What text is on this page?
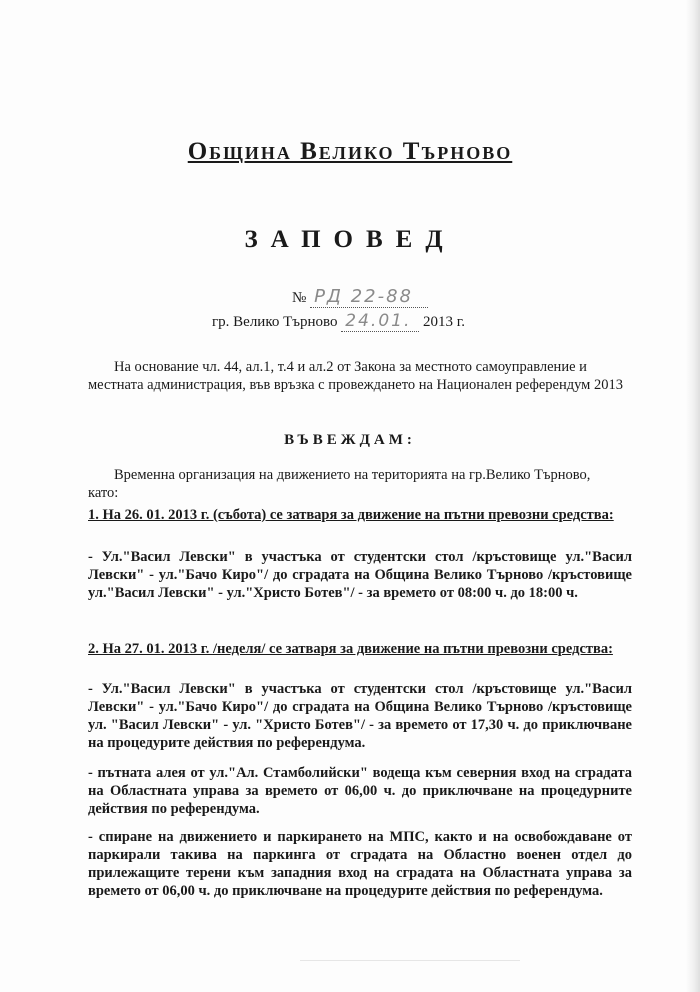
Община Велико Търново
ЗАПОВЕД
№ РД 22-88
гр. Велико Търново 24.01. 2013 г.
На основание чл. 44, ал.1, т.4 и ал.2 от Закона за местното самоуправление и
местната администрация, във връзка с провеждането на Национален референдум 2013
ВЪВЕЖДАМ:
Временна организация на движението на територията на гр.Велико Търново,
като:
1. На 26. 01. 2013 г. (събота) се затваря за движение на пътни превозни средства:
- Ул."Васил Левски" в участъка от студентски стол /кръстовище ул."Васил Левски" - ул."Бачо Киро"/ до сградата на Община Велико Търново /кръстовище ул."Васил Левски" - ул."Христо Ботев"/ - за времето от 08:00 ч. до 18:00 ч.
2. На 27. 01. 2013 г. /неделя/ се затваря за движение на пътни превозни средства:
- Ул."Васил Левски" в участъка от студентски стол /кръстовище ул."Васил Левски" - ул."Бачо Киро"/ до сградата на Община Велико Търново /кръстовище ул. "Васил Левски" - ул. "Христо Ботев"/ - за времето от 17,30 ч. до приключване на процедурите действия по референдума.
- пътната алея от ул."Ал. Стамболийски" водеща към северния вход на сградата на Областната управа за времето от 06,00 ч. до приключване на процедурните действия по референдума.
- спиране на движението и паркирането на МПС, както и на освобождаване от паркирали такива на паркинга от сградата на Областно военен отдел до прилежащите терени към западния вход на сградата на Областната управа за времето от 06,00 ч. до приключване на процедурите действия по референдума.
